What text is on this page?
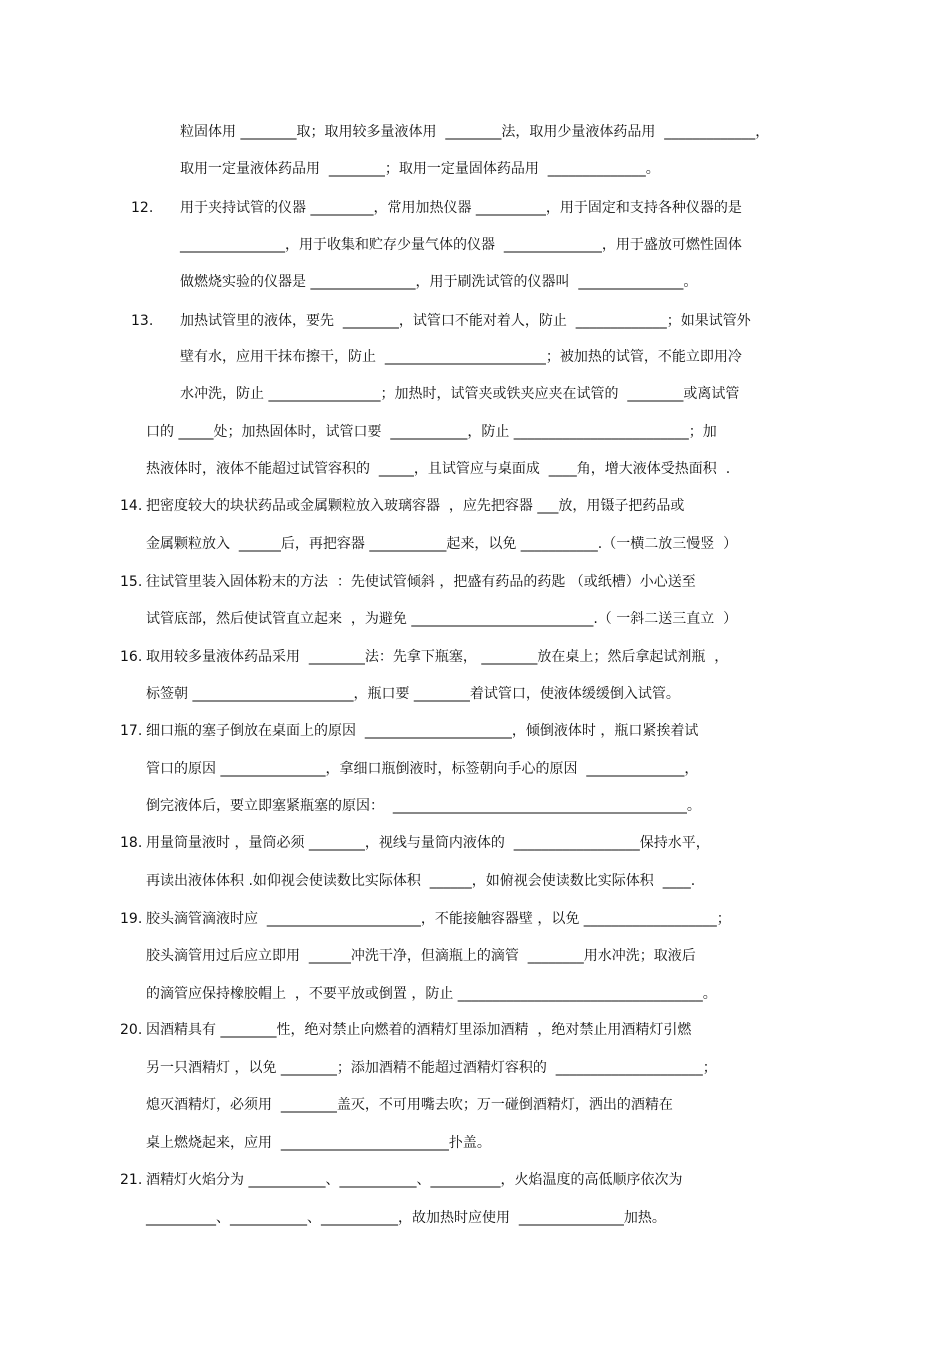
粒固体用 ________取；取用较多量液体用  ________法，取用少量液体药品用  _____________，
取用一定量液体药品用  ________；取用一定量固体药品用  ______________。
12. 用于夹持试管的仪器 _________，常用加热仪器 __________，用于固定和支持各种仪器的是
_______________，用于收集和贮存少量气体的仪器  ______________，用于盛放可燃性固体
做燃烧实验的仪器是 _______________，用于刷洗试管的仪器叫  _______________。
13. 加热试管里的液体，要先  ________，试管口不能对着人，防止  _____________；如果试管外
壁有水，应用干抹布擦干，防止  _______________________；被加热的试管，不能立即用冷
水冲洗，防止 ________________；加热时，试管夹或铁夹应夹在试管的  ________或离试管
口的 _____处；加热固体时，试管口要  ___________，防止 _________________________；加
热液体时，液体不能超过试管容积的  _____，且试管应与桌面成  ____角，增大液体受热面积  .
14. 把密度较大的块状药品或金属颗粒放入玻璃容器  ，应先把容器 ___放，用镊子把药品或
金属颗粒放入  ______后，再把容器 ___________起来，以免 ___________.（一横二放三慢竖  ）
15. 往试管里装入固体粉末的方法  ：先使试管倾斜 ，把盛有药品的药匙 （或纸槽）小心送至
试管底部，然后使试管直立起来  ，为避免 __________________________.（ 一斜二送三直立  ）
16. 取用较多量液体药品采用  ________法：先拿下瓶塞， ________放在桌上；然后拿起试剂瓶  ，
标签朝 _______________________，瓶口要 ________着试管口，使液体缓缓倒入试管。
17. 细口瓶的塞子倒放在桌面上的原因  _____________________，倾倒液体时 ，瓶口紧挨着试
管口的原因 _______________，拿细口瓶倒液时，标签朝向手心的原因  ______________，
倒完液体后，要立即塞紧瓶塞的原因：  __________________________________________。
18. 用量筒量液时 ，量筒必须 ________，视线与量筒内液体的  __________________保持水平，
再读出液体体积 .如仰视会使读数比实际体积  ______，如俯视会使读数比实际体积  ____.
19. 胶头滴管滴液时应  ______________________，不能接触容器壁 ，以免 ___________________；
胶头滴管用过后应立即用  ______冲洗干净，但滴瓶上的滴管  ________用水冲洗；取液后
的滴管应保持橡胶帽上  ，不要平放或倒置 ，防止 ___________________________________。
20. 因酒精具有 ________性，绝对禁止向燃着的酒精灯里添加酒精  ，绝对禁止用酒精灯引燃
另一只酒精灯 ，以免 ________；添加酒精不能超过酒精灯容积的  _____________________；
熄灭酒精灯，必须用  ________盖灭，不可用嘴去吹；万一碰倒酒精灯，洒出的酒精在
桌上燃烧起来，应用  ________________________扑盖。
21. 酒精灯火焰分为 ___________、___________、__________，火焰温度的高低顺序依次为
__________、___________、___________，故加热时应使用  _______________加热。
